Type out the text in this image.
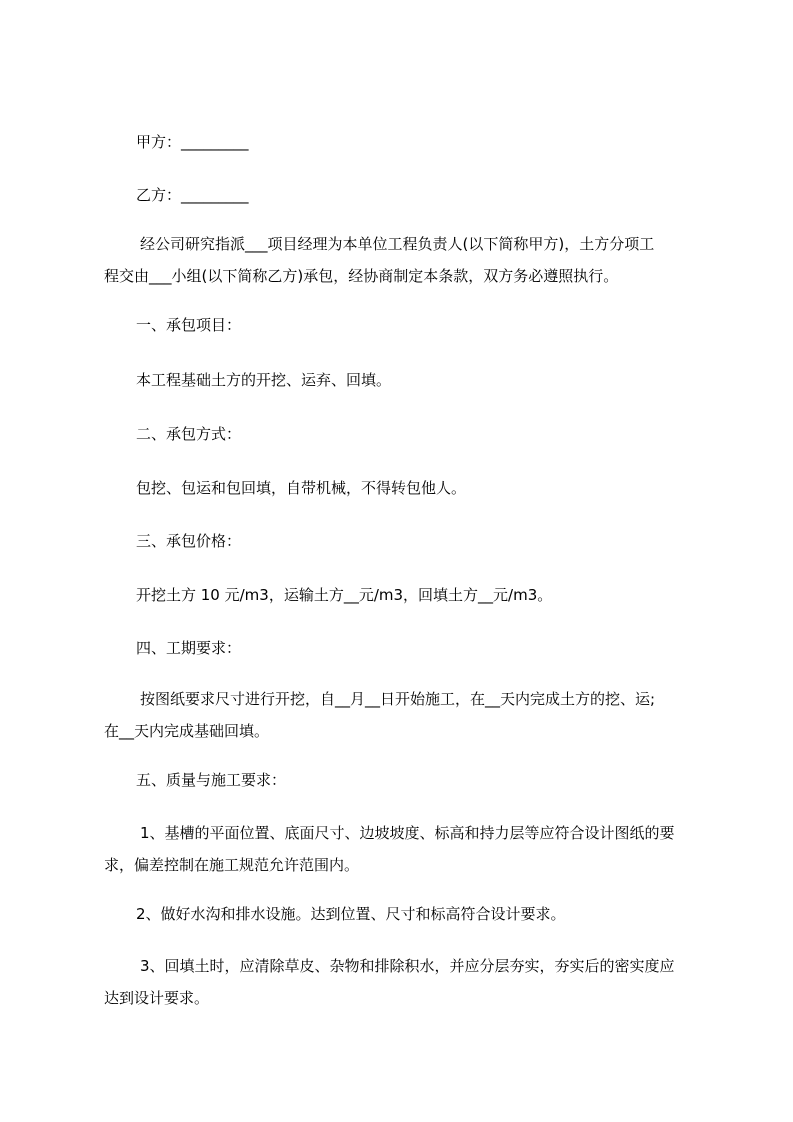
甲方：_________
乙方：_________
经公司研究指派___项目经理为本单位工程负责人(以下简称甲方)，土方分项工
程交由___小组(以下简称乙方)承包，经协商制定本条款，双方务必遵照执行。
一、承包项目：
本工程基础土方的开挖、运弃、回填。
二、承包方式：
包挖、包运和包回填，自带机械，不得转包他人。
三、承包价格：
开挖土方 10 元/m3，运输土方__元/m3，回填土方__元/m3。
四、工期要求：
按图纸要求尺寸进行开挖，自__月__日开始施工，在__天内完成土方的挖、运;
在__天内完成基础回填。
五、质量与施工要求：
1、基槽的平面位置、底面尺寸、边坡坡度、标高和持力层等应符合设计图纸的要
求，偏差控制在施工规范允许范围内。
2、做好水沟和排水设施。达到位置、尺寸和标高符合设计要求。
3、回填土时，应清除草皮、杂物和排除积水，并应分层夯实，夯实后的密实度应
达到设计要求。
